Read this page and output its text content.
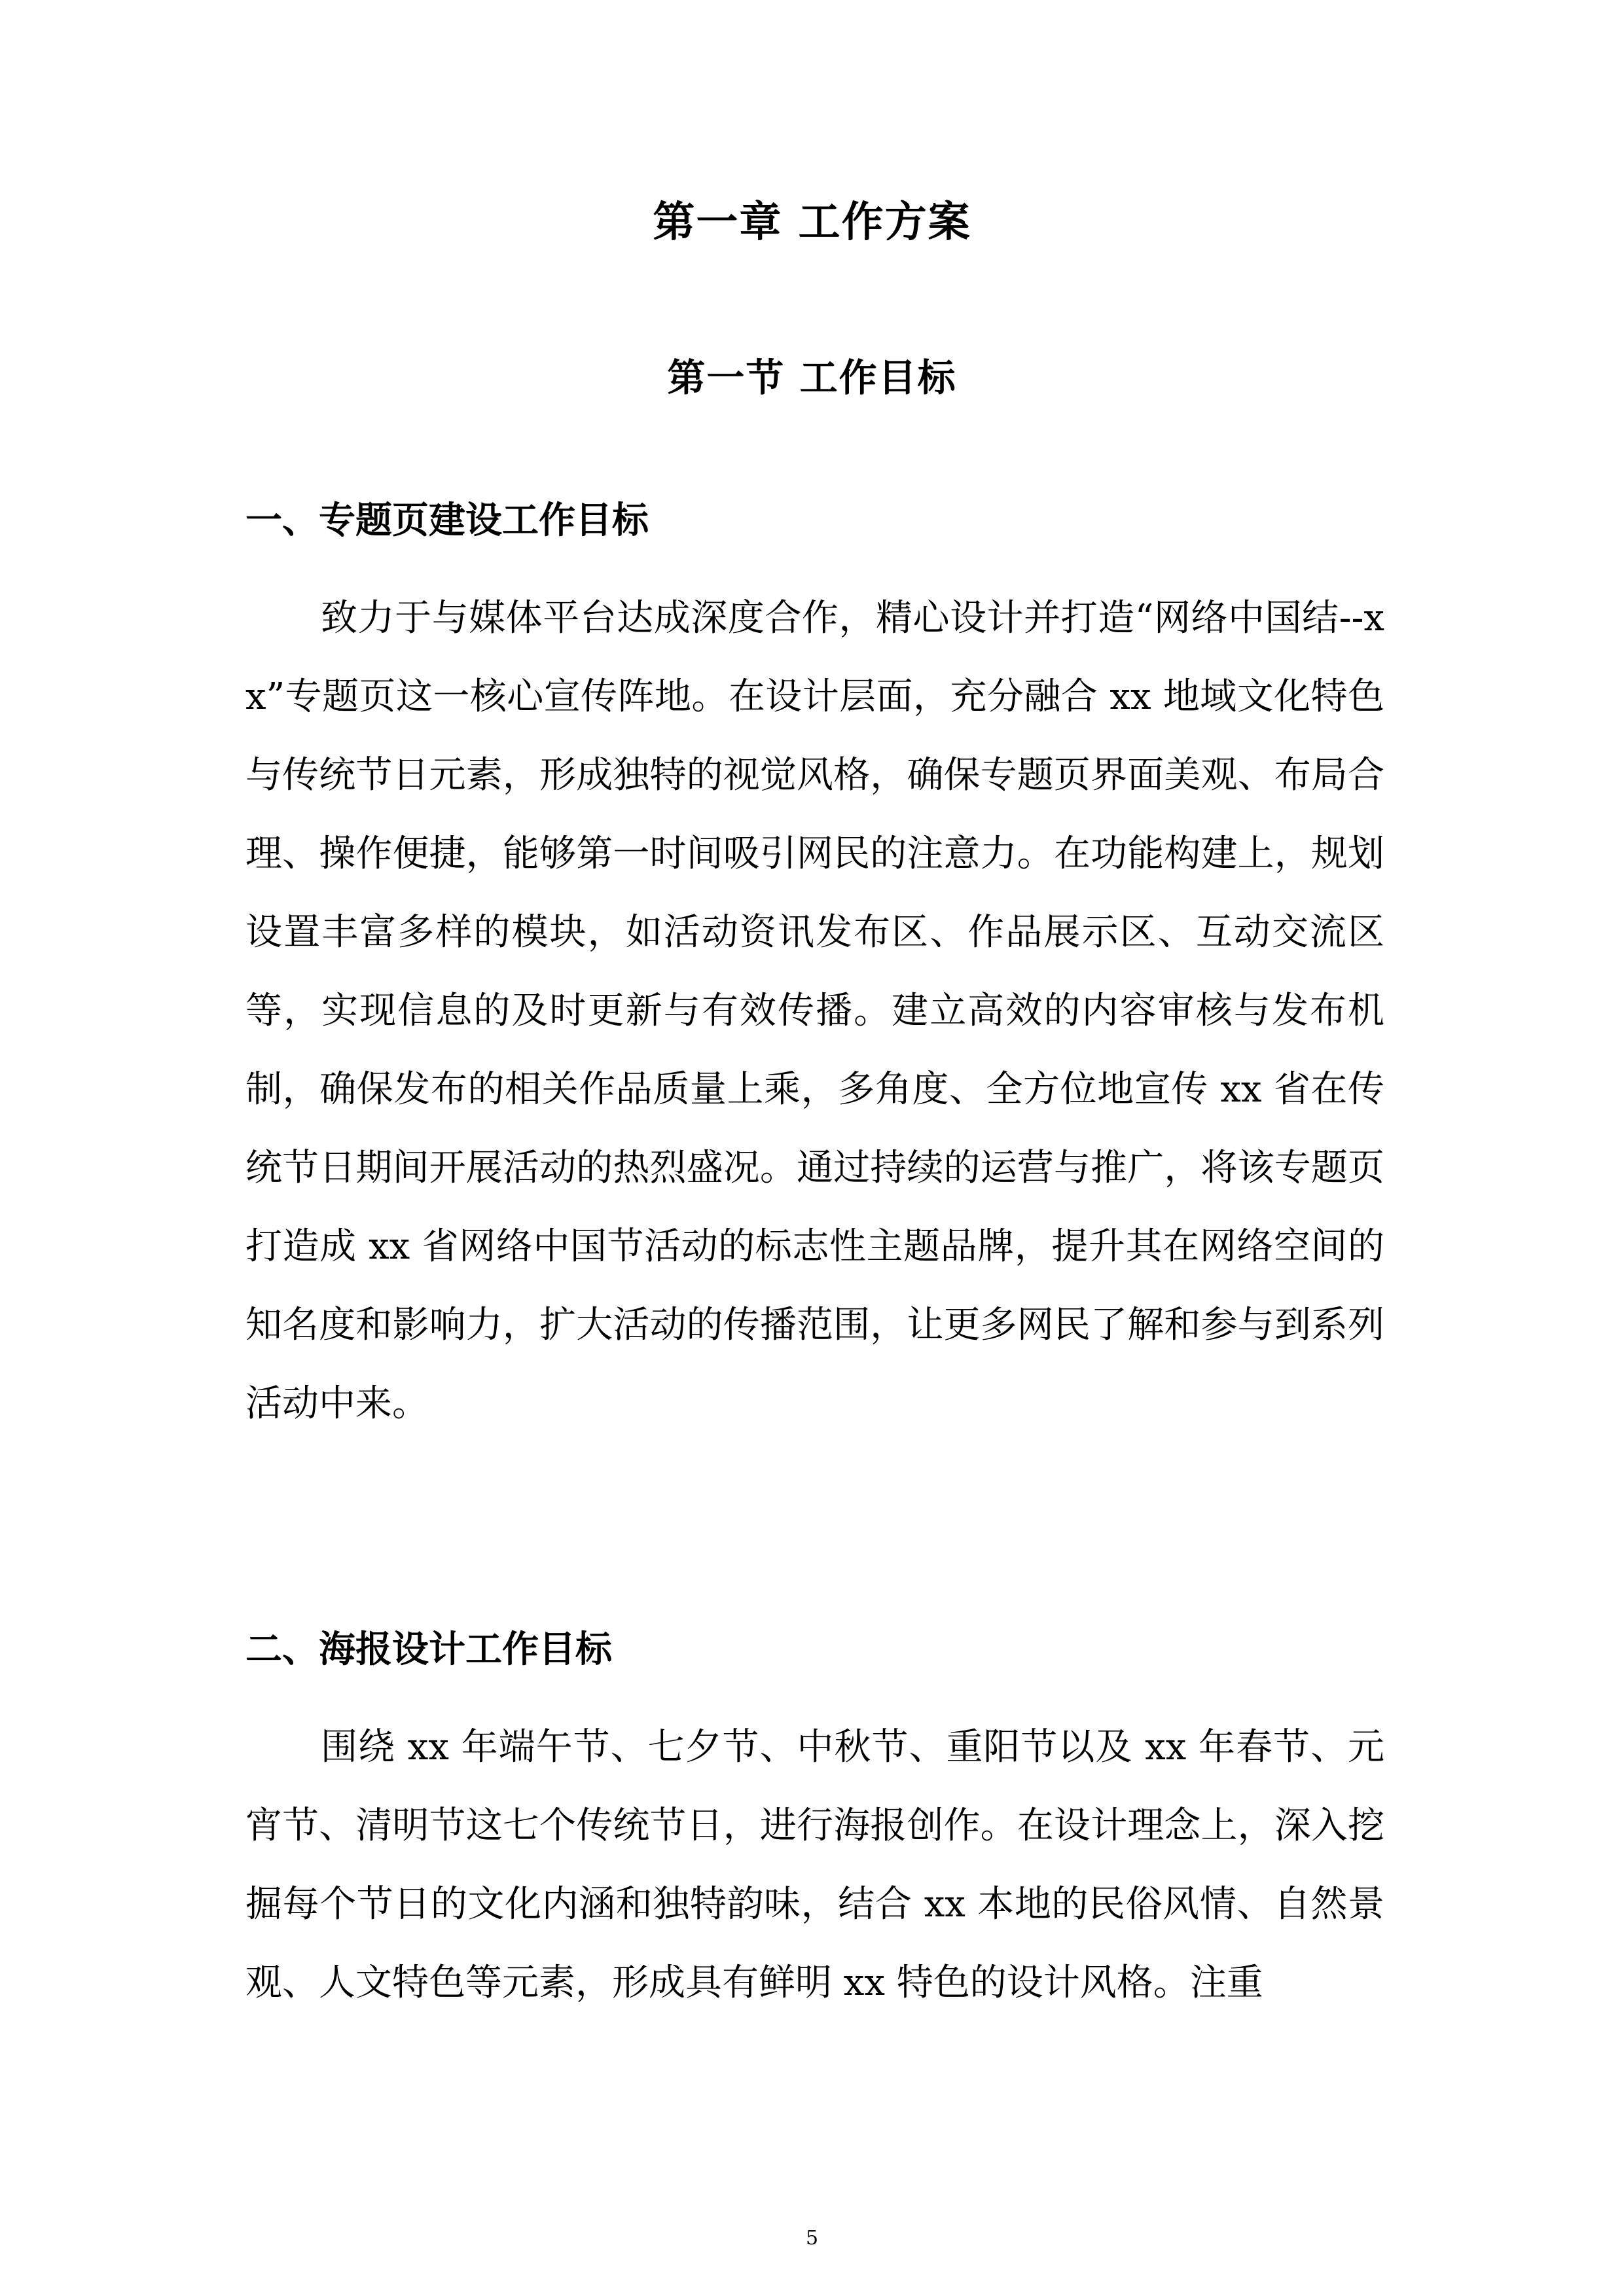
第一章 工作方案
第一节 工作目标
一、专题页建设工作目标

致力于与媒体平台达成深度合作，精心设计并打造“网络中国结--xx”专题页这一核心宣传阵地。在设计层面，充分融合 xx 地域文化特色与传统节日元素，形成独特的视觉风格，确保专题页界面美观、布局合理、操作便捷，能够第一时间吸引网民的注意力。在功能构建上，规划设置丰富多样的模块，如活动资讯发布区、作品展示区、互动交流区等，实现信息的及时更新与有效传播。建立高效的内容审核与发布机制，确保发布的相关作品质量上乘，多角度、全方位地宣传 xx 省在传统节日期间开展活动的热烈盛况。通过持续的运营与推广，将该专题页打造成 xx 省网络中国节活动的标志性主题品牌，提升其在网络空间的知名度和影响力，扩大活动的传播范围，让更多网民了解和参与到系列活动中来。

二、海报设计工作目标

围绕 xx 年端午节、七夕节、中秋节、重阳节以及 xx 年春节、元宵节、清明节这七个传统节日，进行海报创作。在设计理念上，深入挖掘每个节日的文化内涵和独特韵味，结合 xx 本地的民俗风情、自然景观、人文特色等元素，形成具有鲜明 xx 特色的设计风格。注重

5
